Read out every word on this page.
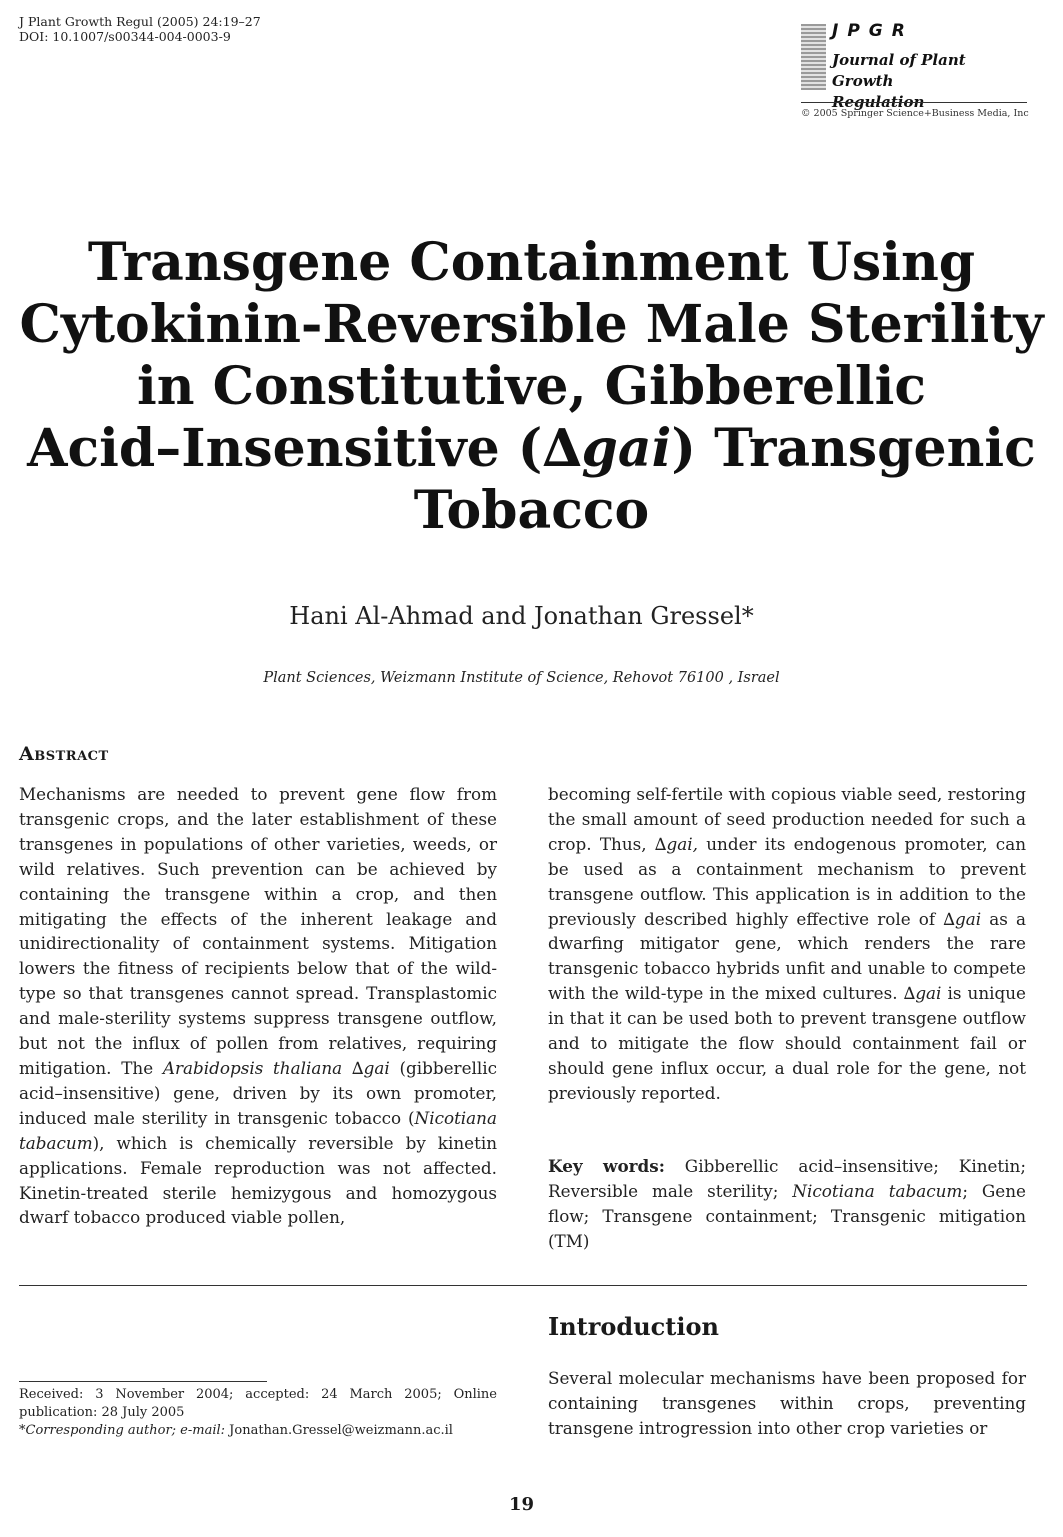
J Plant Growth Regul (2005) 24:19–27
DOI: 10.1007/s00344-004-0003-9	JPGR
Journal of Plant Growth
Regulation
© 2005 Springer Science+Business Media, Inc
Transgene Containment Using
Cytokinin-Reversible Male Sterility
in Constitutive, Gibberellic
Acid–Insensitive (∆gai) Transgenic
Tobacco
Hani Al-Ahmad and Jonathan Gressel*
Plant Sciences, Weizmann Institute of Science, Rehovot 76100 , Israel
Abstract
Mechanisms are needed to prevent gene flow from transgenic crops, and the later establishment of these transgenes in populations of other varieties, weeds, or wild relatives. Such prevention can be achieved by containing the transgene within a crop, and then mitigating the effects of the inherent leakage and unidirectionality of containment systems. Mitigation lowers the fitness of recipients below that of the wild-type so that transgenes cannot spread. Transplastomic and male-sterility systems suppress transgene outflow, but not the influx of pollen from relatives, requiring mitigation. The Arabidopsis thaliana ∆gai (gibberellic acid–insensitive) gene, driven by its own promoter, induced male sterility in transgenic tobacco (Nicotiana tabacum), which is chemically reversible by kinetin applications. Female reproduction was not affected. Kinetin-treated sterile hemizygous and homozygous dwarf tobacco produced viable pollen,
becoming self-fertile with copious viable seed, restoring the small amount of seed production needed for such a crop. Thus, ∆gai, under its endogenous promoter, can be used as a containment mechanism to prevent transgene outflow. This application is in addition to the previously described highly effective role of ∆gai as a dwarfing mitigator gene, which renders the rare transgenic tobacco hybrids unfit and unable to compete with the wild-type in the mixed cultures. ∆gai is unique in that it can be used both to prevent transgene outflow and to mitigate the flow should containment fail or should gene influx occur, a dual role for the gene, not previously reported.
Key words: Gibberellic acid–insensitive; Kinetin; Reversible male sterility; Nicotiana tabacum; Gene flow; Transgene containment; Transgenic mitigation (TM)
Introduction
Several molecular mechanisms have been proposed for containing transgenes within crops, preventing transgene introgression into other crop varieties or
Received: 3 November 2004; accepted: 24 March 2005; Online publication: 28 July 2005
*Corresponding author; e-mail: Jonathan.Gressel@weizmann.ac.il
19
